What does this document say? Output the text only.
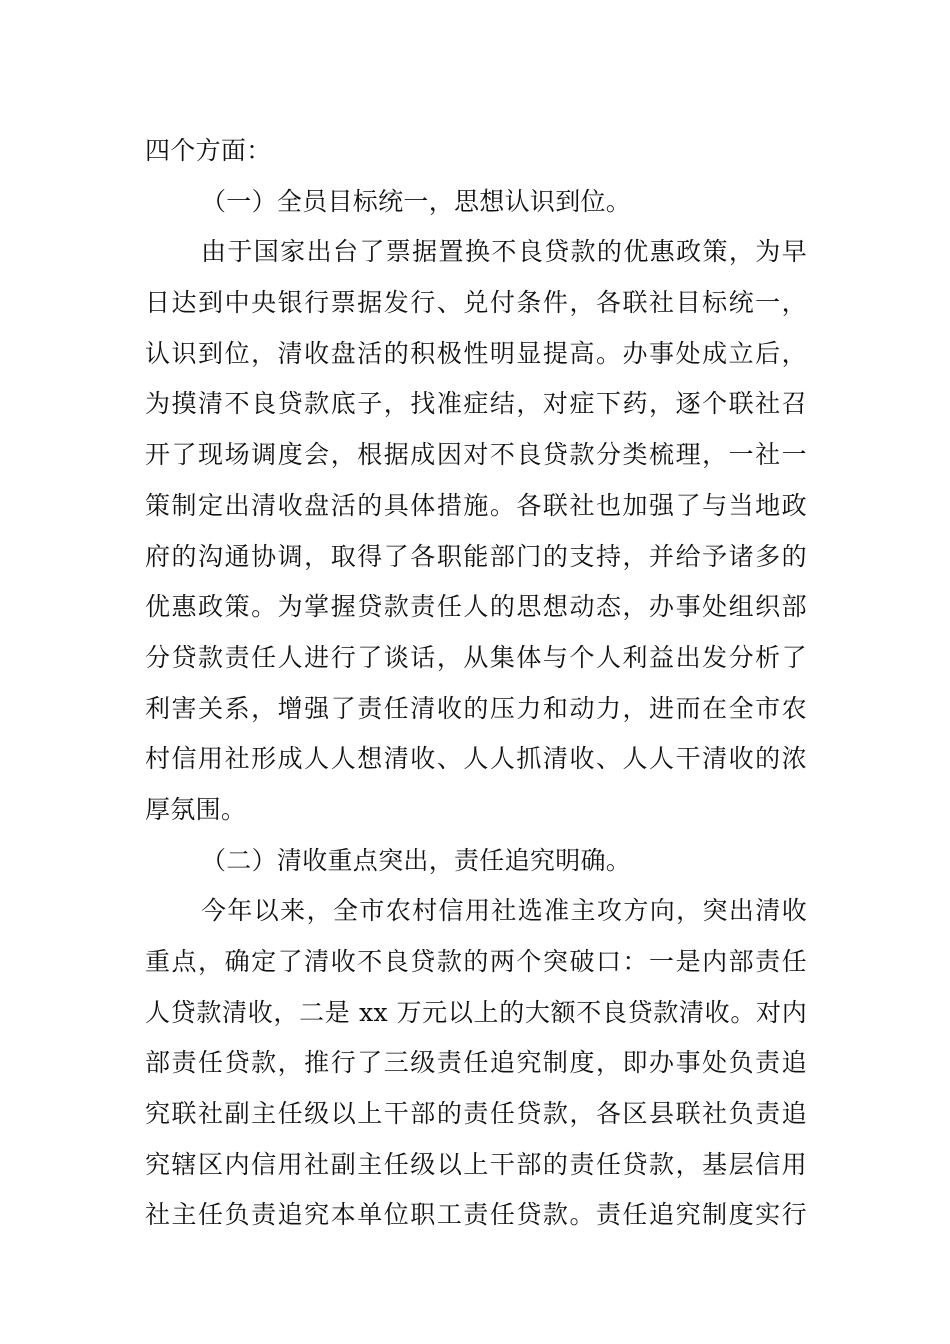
四个方面：
（一）全员目标统一，思想认识到位。
由于国家出台了票据置换不良贷款的优惠政策，为早
日达到中央银行票据发行、兑付条件，各联社目标统一，
认识到位，清收盘活的积极性明显提高。办事处成立后，
为摸清不良贷款底子，找准症结，对症下药，逐个联社召
开了现场调度会，根据成因对不良贷款分类梳理，一社一
策制定出清收盘活的具体措施。各联社也加强了与当地政
府的沟通协调，取得了各职能部门的支持，并给予诸多的
优惠政策。为掌握贷款责任人的思想动态，办事处组织部
分贷款责任人进行了谈话，从集体与个人利益出发分析了
利害关系，增强了责任清收的压力和动力，进而在全市农
村信用社形成人人想清收、人人抓清收、人人干清收的浓
厚氛围。
（二）清收重点突出，责任追究明确。
今年以来，全市农村信用社选准主攻方向，突出清收
重点，确定了清收不良贷款的两个突破口：一是内部责任
人贷款清收，二是 xx 万元以上的大额不良贷款清收。对内
部责任贷款，推行了三级责任追究制度，即办事处负责追
究联社副主任级以上干部的责任贷款，各区县联社负责追
究辖区内信用社副主任级以上干部的责任贷款，基层信用
社主任负责追究本单位职工责任贷款。责任追究制度实行
